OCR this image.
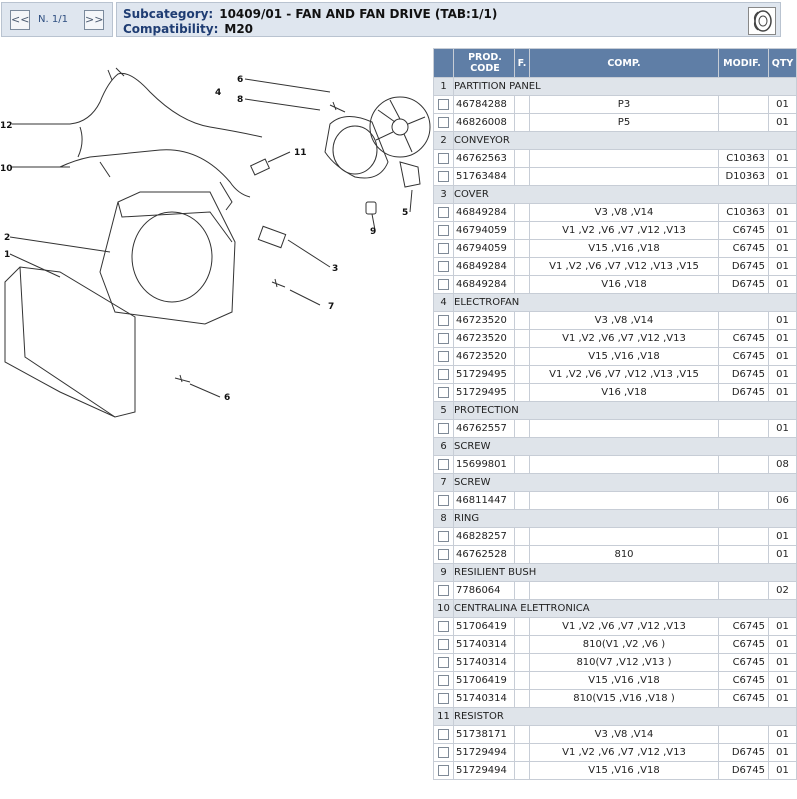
<< N. 1/1 >> Subcategory: 10409/01 - FAN AND FAN DRIVE (TAB:1/1)
Compatibility: M20
12
10
4
6
8
11
5
2
9
3
1
7
6
	PROD. CODE	F.	COMP.	MODIF.	QTY
1	PARTITION PANEL				
	46784288		P3		01
	46826008		P5		01
2	CONVEYOR				
	46762563			C10363	01
	51763484			D10363	01
3	COVER				
	46849284		V3 ,V8 ,V14	C10363	01
	46794059		V1 ,V2 ,V6 ,V7 ,V12 ,V13	C6745	01
	46794059		V15 ,V16 ,V18	C6745	01
	46849284		V1 ,V2 ,V6 ,V7 ,V12 ,V13 ,V15	D6745	01
	46849284		V16 ,V18	D6745	01
4	ELECTROFAN				
	46723520		V3 ,V8 ,V14		01
	46723520		V1 ,V2 ,V6 ,V7 ,V12 ,V13	C6745	01
	46723520		V15 ,V16 ,V18	C6745	01
	51729495		V1 ,V2 ,V6 ,V7 ,V12 ,V13 ,V15	D6745	01
	51729495		V16 ,V18	D6745	01
5	PROTECTION				
	46762557				01
6	SCREW				
	15699801				08
7	SCREW				
	46811447				06
8	RING				
	46828257				01
	46762528		810		01
9	RESILIENT BUSH				
	7786064				02
10	CENTRALINA ELETTRONICA				
	51706419		V1 ,V2 ,V6 ,V7 ,V12 ,V13	C6745	01
	51740314		810(V1 ,V2 ,V6 )	C6745	01
	51740314		810(V7 ,V12 ,V13 )	C6745	01
	51706419		V15 ,V16 ,V18	C6745	01
	51740314		810(V15 ,V16 ,V18 )	C6745	01
11	RESISTOR				
	51738171		V3 ,V8 ,V14		01
	51729494		V1 ,V2 ,V6 ,V7 ,V12 ,V13	D6745	01
	51729494		V15 ,V16 ,V18	D6745	01
